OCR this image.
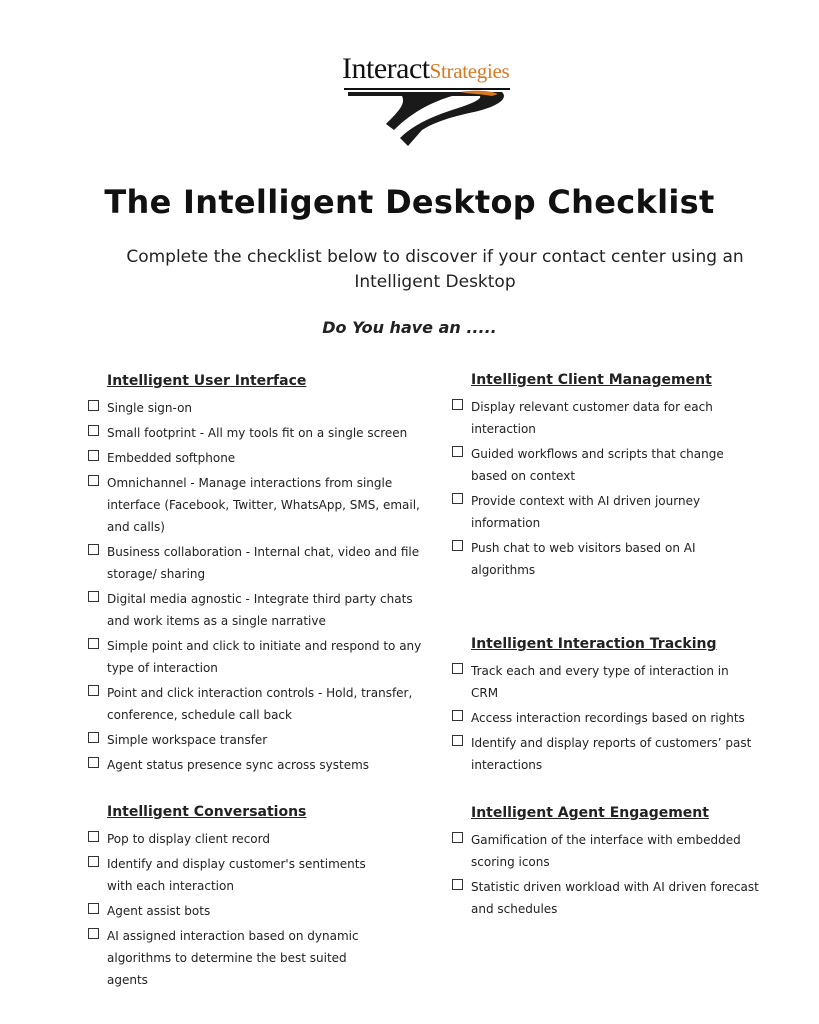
InteractStrategies
The Intelligent Desktop Checklist
Complete the checklist below to discover if your contact center using an Intelligent Desktop
Do You have an .....
Intelligent User Interface
Single sign-on
Small footprint - All my tools fit on a single screen
Embedded softphone
Omnichannel - Manage interactions from single interface (Facebook, Twitter, WhatsApp, SMS, email, and calls)
Business collaboration - Internal chat, video and file storage/ sharing
Digital media agnostic - Integrate third party chats and work items as a single narrative
Simple point and click to initiate and respond to any type of interaction
Point and click interaction controls - Hold, transfer, conference, schedule call back
Simple workspace transfer
Agent status presence sync across systems
Intelligent Client Management
Display relevant customer data for each interaction
Guided workflows and scripts that change based on context
Provide context with AI driven journey information
Push chat to web visitors based on AI algorithms
Intelligent Interaction Tracking
Track each and every type of interaction in CRM
Access interaction recordings based on rights
Identify and display reports of customers’ past interactions
Intelligent Conversations
Pop to display client record
Identify and display customer's sentiments with each interaction
Agent assist bots
AI assigned interaction based on dynamic algorithms to determine the best suited agents
Intelligent Agent Engagement
Gamification of the interface with embedded scoring icons
Statistic driven workload with AI driven forecast and schedules
